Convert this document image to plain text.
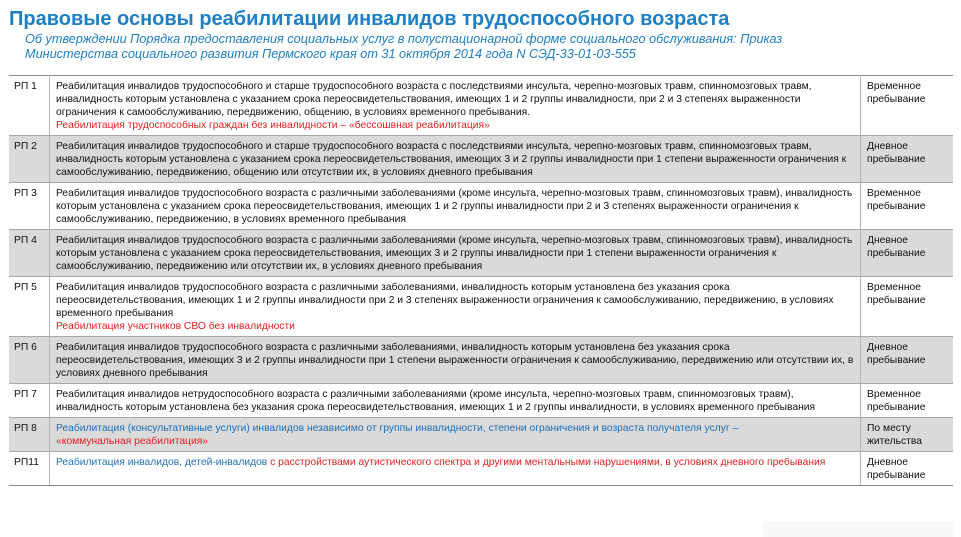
Правовые основы реабилитации инвалидов трудоспособного возраста
Об утверждении Порядка предоставления социальных услуг в полустационарной форме социального обслуживания: Приказ Министерства социального развития Пермского края от 31 октября 2014 года N СЭД-33-01-03-555
РП 1	Реабилитация инвалидов трудоспособного и старше трудоспособного возраста с последствиями инсульта, черепно-мозговых травм, спинномозговых травм, инвалидность которым установлена с указанием срока переосвидетельствования, имеющих 1 и 2 группы инвалидности, при 2 и 3 степенях выраженности ограничения к самообслуживанию, передвижению, общению, в условиях временного пребывания.
Реабилитация трудоспособных граждан без инвалидности – «бессошвная реабилитация»	Временное пребывание
РП 2	Реабилитация инвалидов трудоспособного и старше трудоспособного возраста с последствиями инсульта, черепно-мозговых травм, спинномозговых травм, инвалидность которым установлена с указанием срока переосвидетельствования, имеющих 3 и 2 группы инвалидности при 1 степени выраженности ограничения к самообслуживанию, передвижению, общению или отсутствии их, в условиях дневного пребывания	Дневное пребывание
РП 3	Реабилитация инвалидов трудоспособного возраста с различными заболеваниями (кроме инсульта, черепно-мозговых травм, спинномозговых травм), инвалидность которым установлена с указанием срока переосвидетельствования, имеющих 1 и 2 группы инвалидности при 2 и 3 степенях выраженности ограничения к самообслуживанию, передвижению, в условиях временного пребывания	Временное пребывание
РП 4	Реабилитация инвалидов трудоспособного возраста с различными заболеваниями (кроме инсульта, черепно-мозговых травм, спинномозговых травм), инвалидность которым установлена с указанием срока переосвидетельствования, имеющих 3 и 2 группы инвалидности при 1 степени выраженности ограничения к самообслуживанию, передвижению или отсутствии их, в условиях дневного пребывания	Дневное пребывание
РП 5	Реабилитация инвалидов трудоспособного возраста с различными заболеваниями, инвалидность которым установлена без указания срока переосвидетельствования, имеющих 1 и 2 группы инвалидности при 2 и 3 степенях выраженности ограничения к самообслуживанию, передвижению, в условиях временного пребывания
Реабилитация участников СВО без инвалидности	Временное пребывание
РП 6	Реабилитация инвалидов трудоспособного возраста с различными заболеваниями, инвалидность которым установлена без указания срока переосвидетельствования, имеющих 3 и 2 группы инвалидности при 1 степени выраженности ограничения к самообслуживанию, передвижению или отсутствии их, в условиях дневного пребывания	Дневное пребывание
РП 7	Реабилитация инвалидов нетрудоспособного возраста с различными заболеваниями (кроме инсульта, черепно-мозговых травм, спинномозговых травм), инвалидность которым установлена без указания срока переосвидетельствования, имеющих 1 и 2 группы инвалидности, в условиях временного пребывания	Временное пребывание
РП 8	Реабилитация (консультативные услуги) инвалидов независимо от группы инвалидности, степени ограничения и возраста получателя услуг –
«коммунальная реабилитация»	По месту жительства
РП11	Реабилитация инвалидов, детей-инвалидов с расстройствами аутистического спектра и другими ментальными нарушениями, в условиях дневного пребывания	Дневное пребывание
